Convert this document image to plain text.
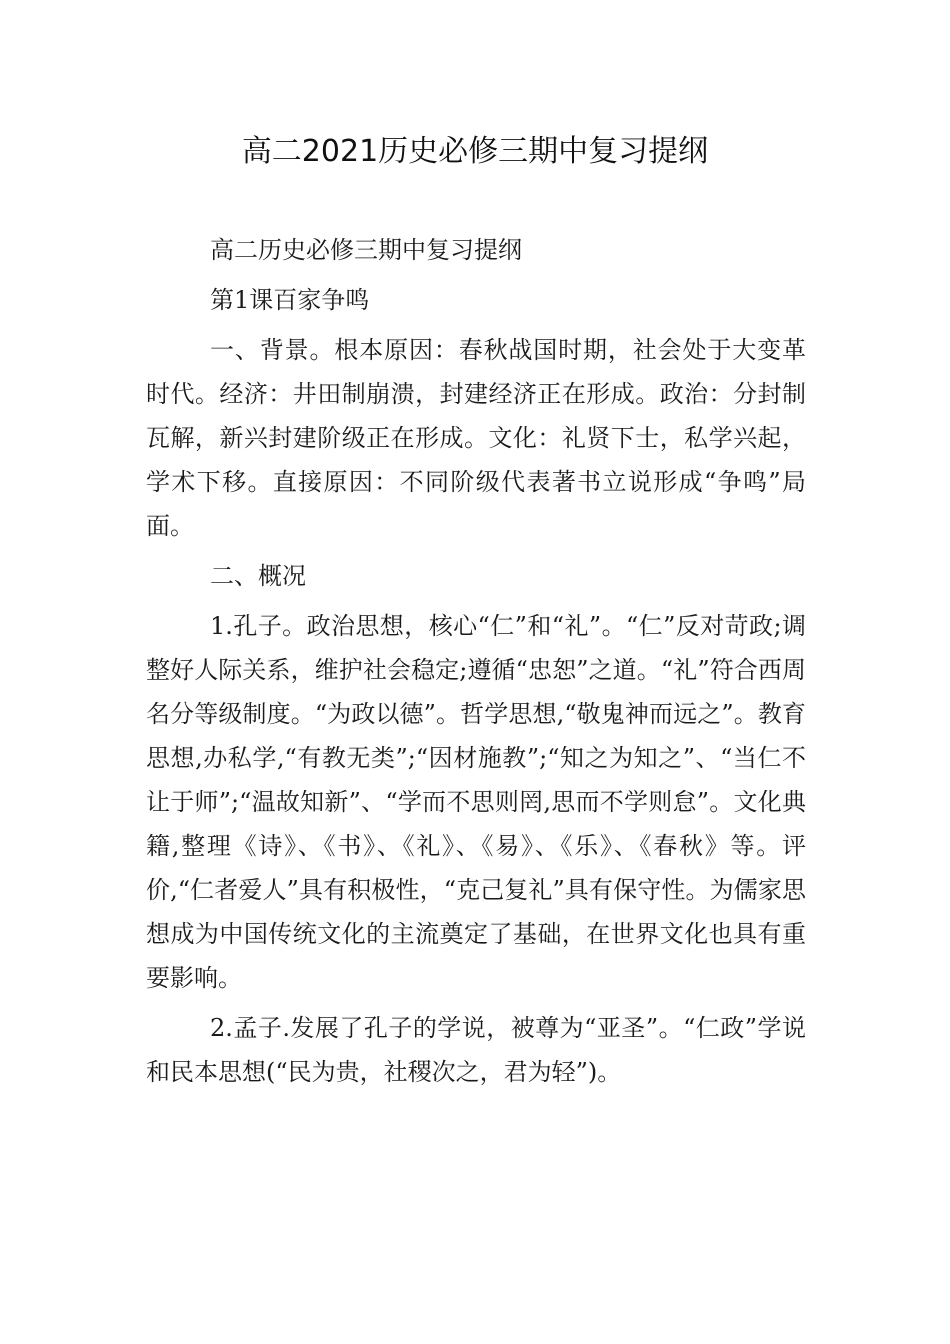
高二2021历史必修三期中复习提纲

高二历史必修三期中复习提纲

第1课百家争鸣

一、背景。根本原因：春秋战国时期，社会处于大变革时代。经济：井田制崩溃，封建经济正在形成。政治：分封制瓦解，新兴封建阶级正在形成。文化：礼贤下士，私学兴起，学术下移。直接原因：不同阶级代表著书立说形成“争鸣”局面。

二、概况

1.孔子。政治思想，核心“仁”和“礼”。“仁”反对苛政;调整好人际关系，维护社会稳定;遵循“忠恕”之道。“礼”符合西周名分等级制度。“为政以德”。哲学思想,“敬鬼神而远之”。教育思想,办私学,“有教无类”;“因材施教”;“知之为知之”、“当仁不让于师”;“温故知新”、“学而不思则罔,思而不学则怠”。文化典籍,整理《诗》、《书》、《礼》、《易》、《乐》、《春秋》等。评价,“仁者爱人”具有积极性，“克己复礼”具有保守性。为儒家思想成为中国传统文化的主流奠定了基础，在世界文化也具有重要影响。

2.孟子.发展了孔子的学说，被尊为“亚圣”。“仁政”学说和民本思想(“民为贵，社稷次之，君为轻”)。
